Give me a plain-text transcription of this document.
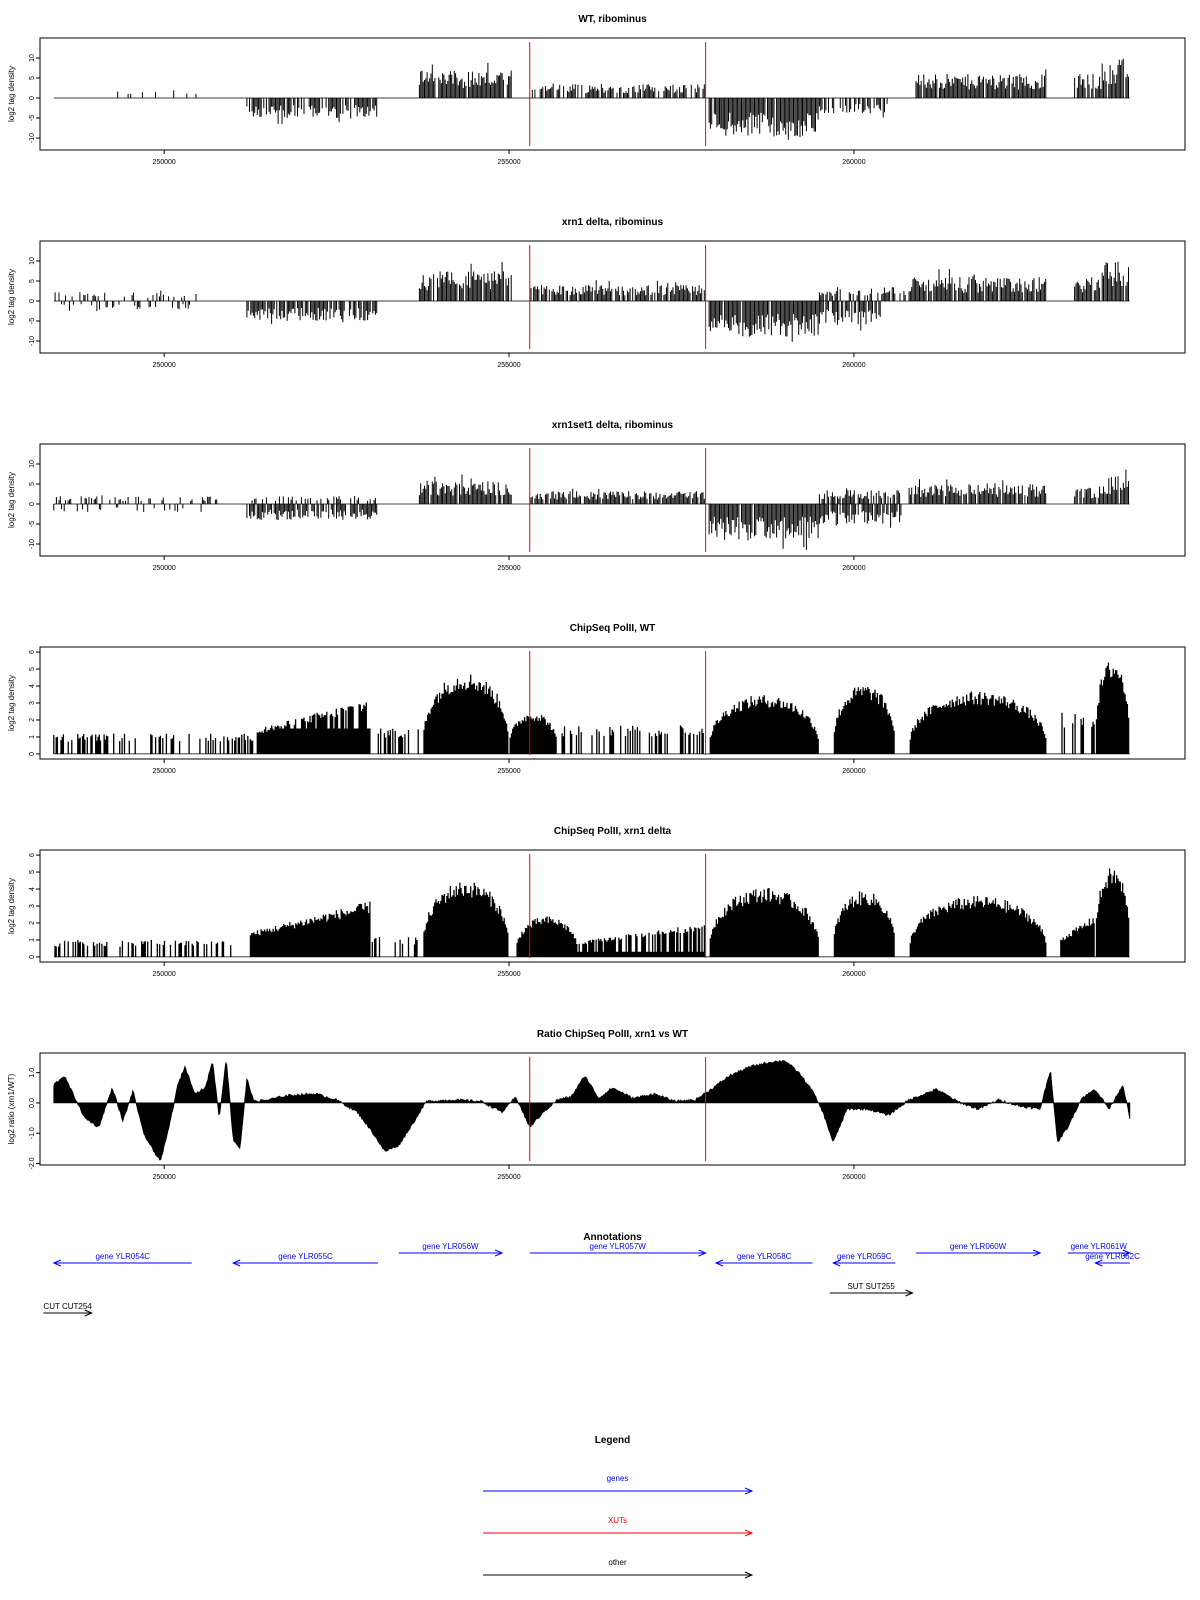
WT, ribominus
-10
-5
0
5
10
log2 tag density
250000	255000	260000
xrn1 delta, ribominus
-10
-5
0
5
10
log2 tag density
250000	255000	260000
xrn1set1 delta, ribominus
-10
-5
0
5
10
log2 tag density
250000	255000	260000
ChipSeq PolII, WT
0
1
2
3
4
5
6
log2 tag density
250000	255000	260000
ChipSeq PolII, xrn1 delta
0
1
2
3
4
5
6
log2 tag density
250000	255000	260000
Ratio ChipSeq PolII, xrn1 vs WT
-2.0
-1.0
0.0
1.0
log2 ratio (xrn1/WT)
250000	255000	260000
Annotations
gene YLR054C	gene YLR055C
gene YLR056W	gene YLR057W
gene YLR058C	gene YLR059C
gene YLR060W	gene YLR061W
gene YLR062C
SUT SUT255
CUT CUT254
Legend
genes
XUTs
other
